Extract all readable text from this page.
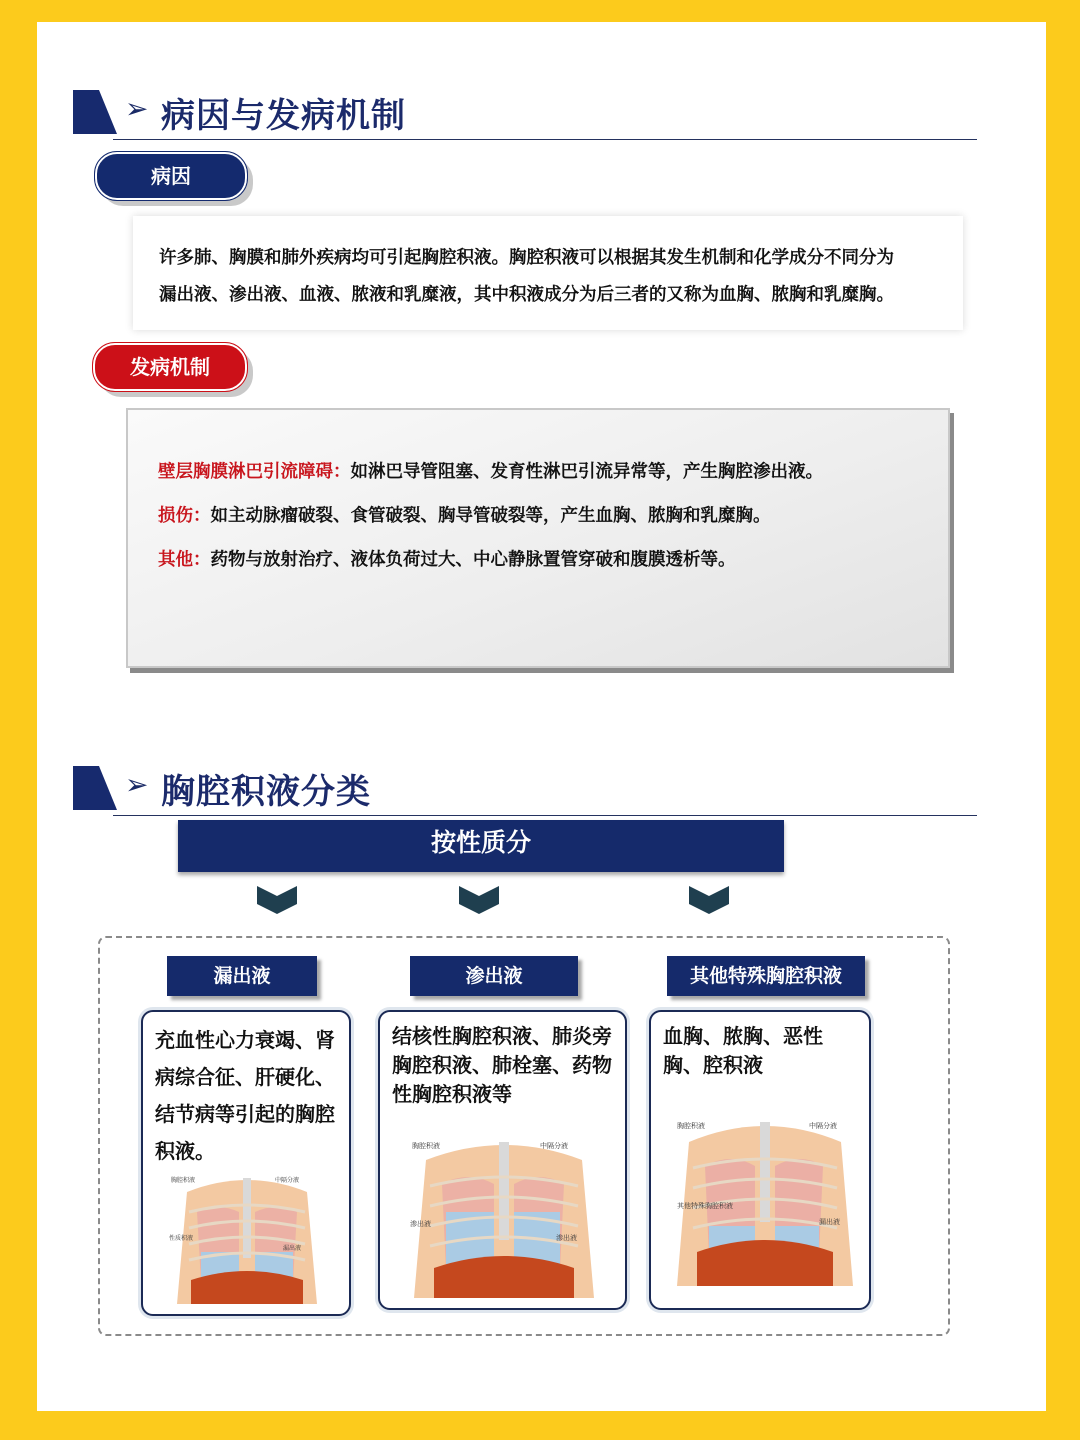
➢ 病因与发病机制
病因

许多肺、胸膜和肺外疾病均可引起胸腔积液。胸腔积液可以根据其发生机制和化学成分不同分为
漏出液、渗出液、血液、脓液和乳糜液，其中积液成分为后三者的又称为血胸、脓胸和乳糜胸。

发病机制
壁层胸膜淋巴引流障碍：如淋巴导管阻塞、发育性淋巴引流异常等，产生胸腔渗出液。
损伤：如主动脉瘤破裂、食管破裂、胸导管破裂等，产生血胸、脓胸和乳糜胸。
其他：药物与放射治疗、液体负荷过大、中心静脉置管穿破和腹膜透析等。
➢ 胸腔积液分类
按性质分
漏出液	渗出液	其他特殊胸腔积液
充血性心力衰竭、肾病综合征、肝硬化、结节病等引起的胸腔积液。
胸腔积液	中隔分液
性质积液
漏出液
结核性胸腔积液、肺炎旁胸腔积液、肺栓塞、药物性胸腔积液等
胸腔积液	中隔分液
渗出液
渗出液
血胸、脓胸、恶性胸、腔积液
胸腔积液	中隔分液
其他特殊胸腔积液
漏出液
